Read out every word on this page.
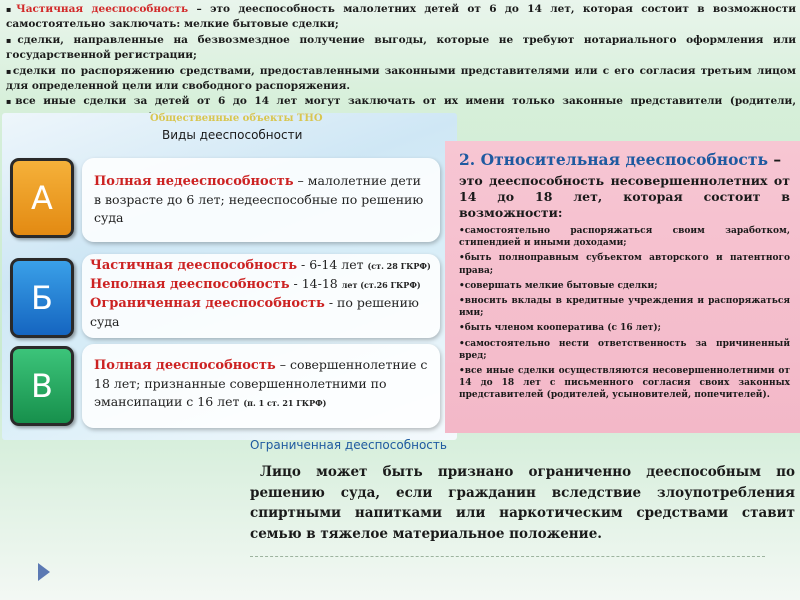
▪Частичная дееспособность – это дееспособность малолетних детей от 6 до 14 лет, которая состоит в возможности самостоятельно заключать: мелкие бытовые сделки;

▪сделки, направленные на безвозмездное получение выгоды, которые не требуют нотариального оформления или государственной регистрации;

▪сделки по распоряжению средствами, предоставленными законными представителями или с его согласия третьим лицом для определенной цели или свободного распоряжения.

▪все иные сделки за детей от 6 до 14 лет могут заключать от их имени только законные представители (родители,

Общественные объекты ТНО
Виды дееспособности
А	Полная недееспособность – малолетние дети в возрасте до 6 лет; недееспособные по решению суда
Б
Частичная дееспособность - 6-14 лет (ст. 28 ГКРФ)
Неполная дееспособность - 14-18 лет (ст.26 ГКРФ)
Ограниченная дееспособность - по решению суда
В
Полная дееспособность – совершеннолетние с 18 лет; признанные совершеннолетними по эмансипации с 16 лет (п. 1 ст. 21 ГКРФ)
2. Относительная дееспособность –
это дееспособность несовершеннолетних от 14 до 18 лет, которая состоит в возможности:
•самостоятельно распоряжаться своим заработком, стипендией и иными доходами;
•быть полноправным субъектом авторского и патентного права;
•совершать мелкие бытовые сделки;
•вносить вклады в кредитные учреждения и распоряжаться ими;
•быть членом кооператива (с 16 лет);
•самостоятельно нести ответственность за причиненный вред;
•все иные сделки осуществляются несовершеннолетними от 14 до 18 лет с письменного согласия своих законных представителей (родителей, усыновителей, попечителей).
Ограниченная дееспособность

Лицо может быть признано ограниченно дееспособным по решению суда, если гражданин вследствие злоупотребления спиртными напитками или наркотическим средствами ставит семью в тяжелое материальное положение.
